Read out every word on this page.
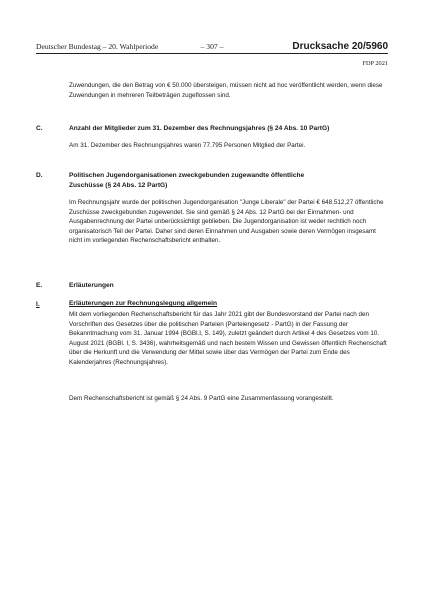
Deutscher Bundestag – 20. Wahlperiode	– 307 –	Drucksache 20/5960
FDP 2021
Zuwendungen, die den Betrag von € 50.000 übersteigen, müssen nicht ad hoc veröffentlicht werden, wenn diese Zuwendungen in mehreren Teilbeträgen zugeflossen sind.
C.	Anzahl der Mitglieder zum 31. Dezember des Rechnungsjahres (§ 24 Abs. 10 PartG)
Am 31. Dezember des Rechnungsjahres waren 77.795 Personen Mitglied der Partei.
D.	Politischen Jugendorganisationen zweckgebunden zugewandte öffentliche Zuschüsse (§ 24 Abs. 12 PartG)
Im Rechnungsjahr wurde der politischen Jugendorganisation "Junge Liberale" der Partei € 648.512,27 öffentliche Zuschüsse zweckgebunden zugewendet. Sie sind gemäß § 24 Abs. 12 PartG bei der Einnahmen- und Ausgabenrechnung der Partei unberücksichtigt geblieben. Die Jugendorganisation ist weder rechtlich noch organisatorisch Teil der Partei. Daher sind deren Einnahmen und Ausgaben sowie deren Vermögen insgesamt nicht im vorliegenden Rechenschaftsbericht enthalten.
E.	Erläuterungen
I.	Erläuterungen zur Rechnungslegung allgemein
Mit dem vorliegenden Rechenschaftsbericht für das Jahr 2021 gibt der Bundesvorstand der Partei nach den Vorschriften des Gesetzes über die politischen Parteien (Parteiengesetz - PartG) in der Fassung der Bekanntmachung vom 31. Januar 1994 (BGBl.I, S. 149), zuletzt geändert durch Artikel 4 des Gesetzes vom 10. August 2021 (BGBl. I, S. 3436), wahrheitsgemäß und nach bestem Wissen und Gewissen öffentlich Rechenschaft über die Herkunft und die Verwendung der Mittel sowie über das Vermögen der Partei zum Ende des Kalenderjahres (Rechnungsjahres).
Dem Rechenschaftsbericht ist gemäß § 24 Abs. 9 PartG eine Zusammenfassung vorangestellt.
